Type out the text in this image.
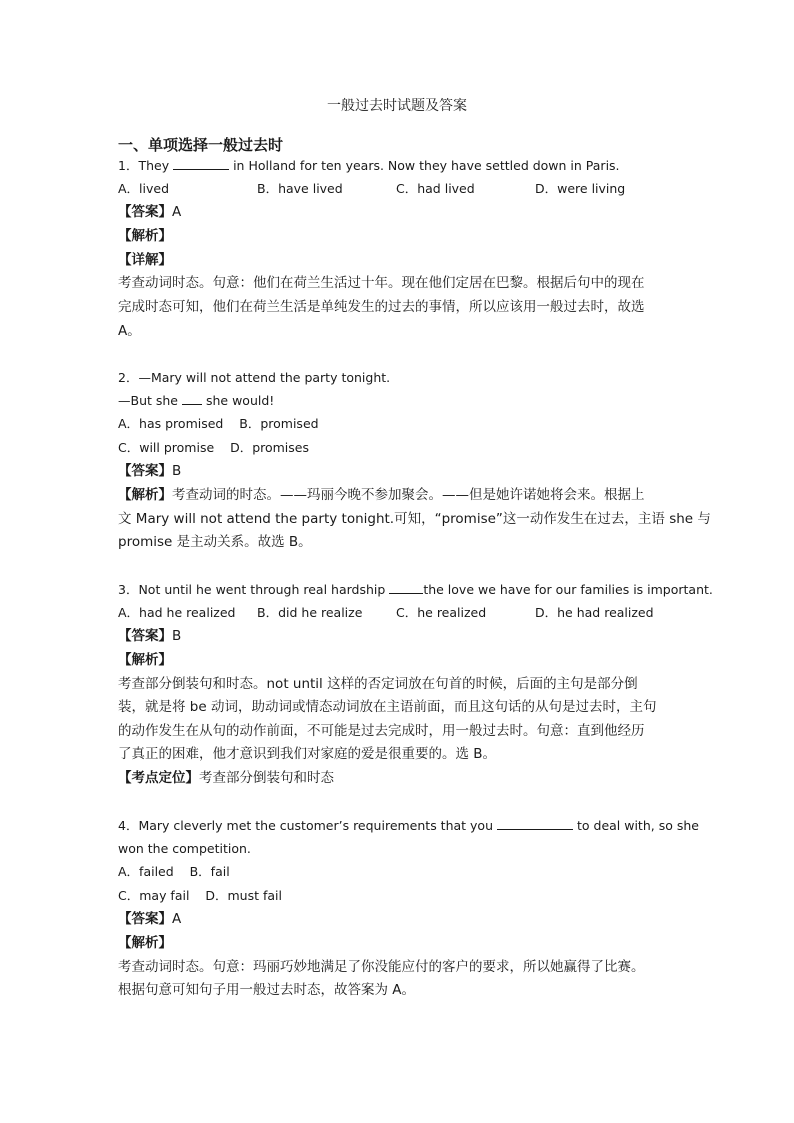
一般过去时试题及答案
一、单项选择一般过去时
1．They	in Holland for ten years. Now they have settled down in Paris.
A．lived	B．have lived	C．had lived	D．were living
【答案】A
【解析】
【详解】
考查动词时态。句意：他们在荷兰生活过十年。现在他们定居在巴黎。根据后句中的现在
完成时态可知，他们在荷兰生活是单纯发生的过去的事情，所以应该用一般过去时，故选
A。
2．—Mary will not attend the party tonight.
—But she she would!
A．has promised B．promised
C．will promise D．promises
【答案】B
【解析】考查动词的时态。——玛丽今晚不参加聚会。——但是她许诺她将会来。根据上
文 Mary will not attend the party tonight.可知，“promise”这一动作发生在过去，主语 she 与
promise 是主动关系。故选 B。
3．Not until he went through real hardship	the love we have for our families is important.
A．had he realized B．did he realize	C．he realized	D．he had realized
【答案】B
【解析】
考查部分倒装句和时态。not until 这样的否定词放在句首的时候，后面的主句是部分倒
装，就是将 be 动词，助动词或情态动词放在主语前面，而且这句话的从句是过去时，主句
的动作发生在从句的动作前面，不可能是过去完成时，用一般过去时。句意：直到他经历
了真正的困难，他才意识到我们对家庭的爱是很重要的。选 B。
【考点定位】考查部分倒装句和时态
4．Mary cleverly met the customer’s requirements that you	to deal with, so she
won the competition.
A．failed B．fail
C．may fail D．must fail
【答案】A
【解析】
考查动词时态。句意：玛丽巧妙地满足了你没能应付的客户的要求，所以她赢得了比赛。
根据句意可知句子用一般过去时态，故答案为 A。
